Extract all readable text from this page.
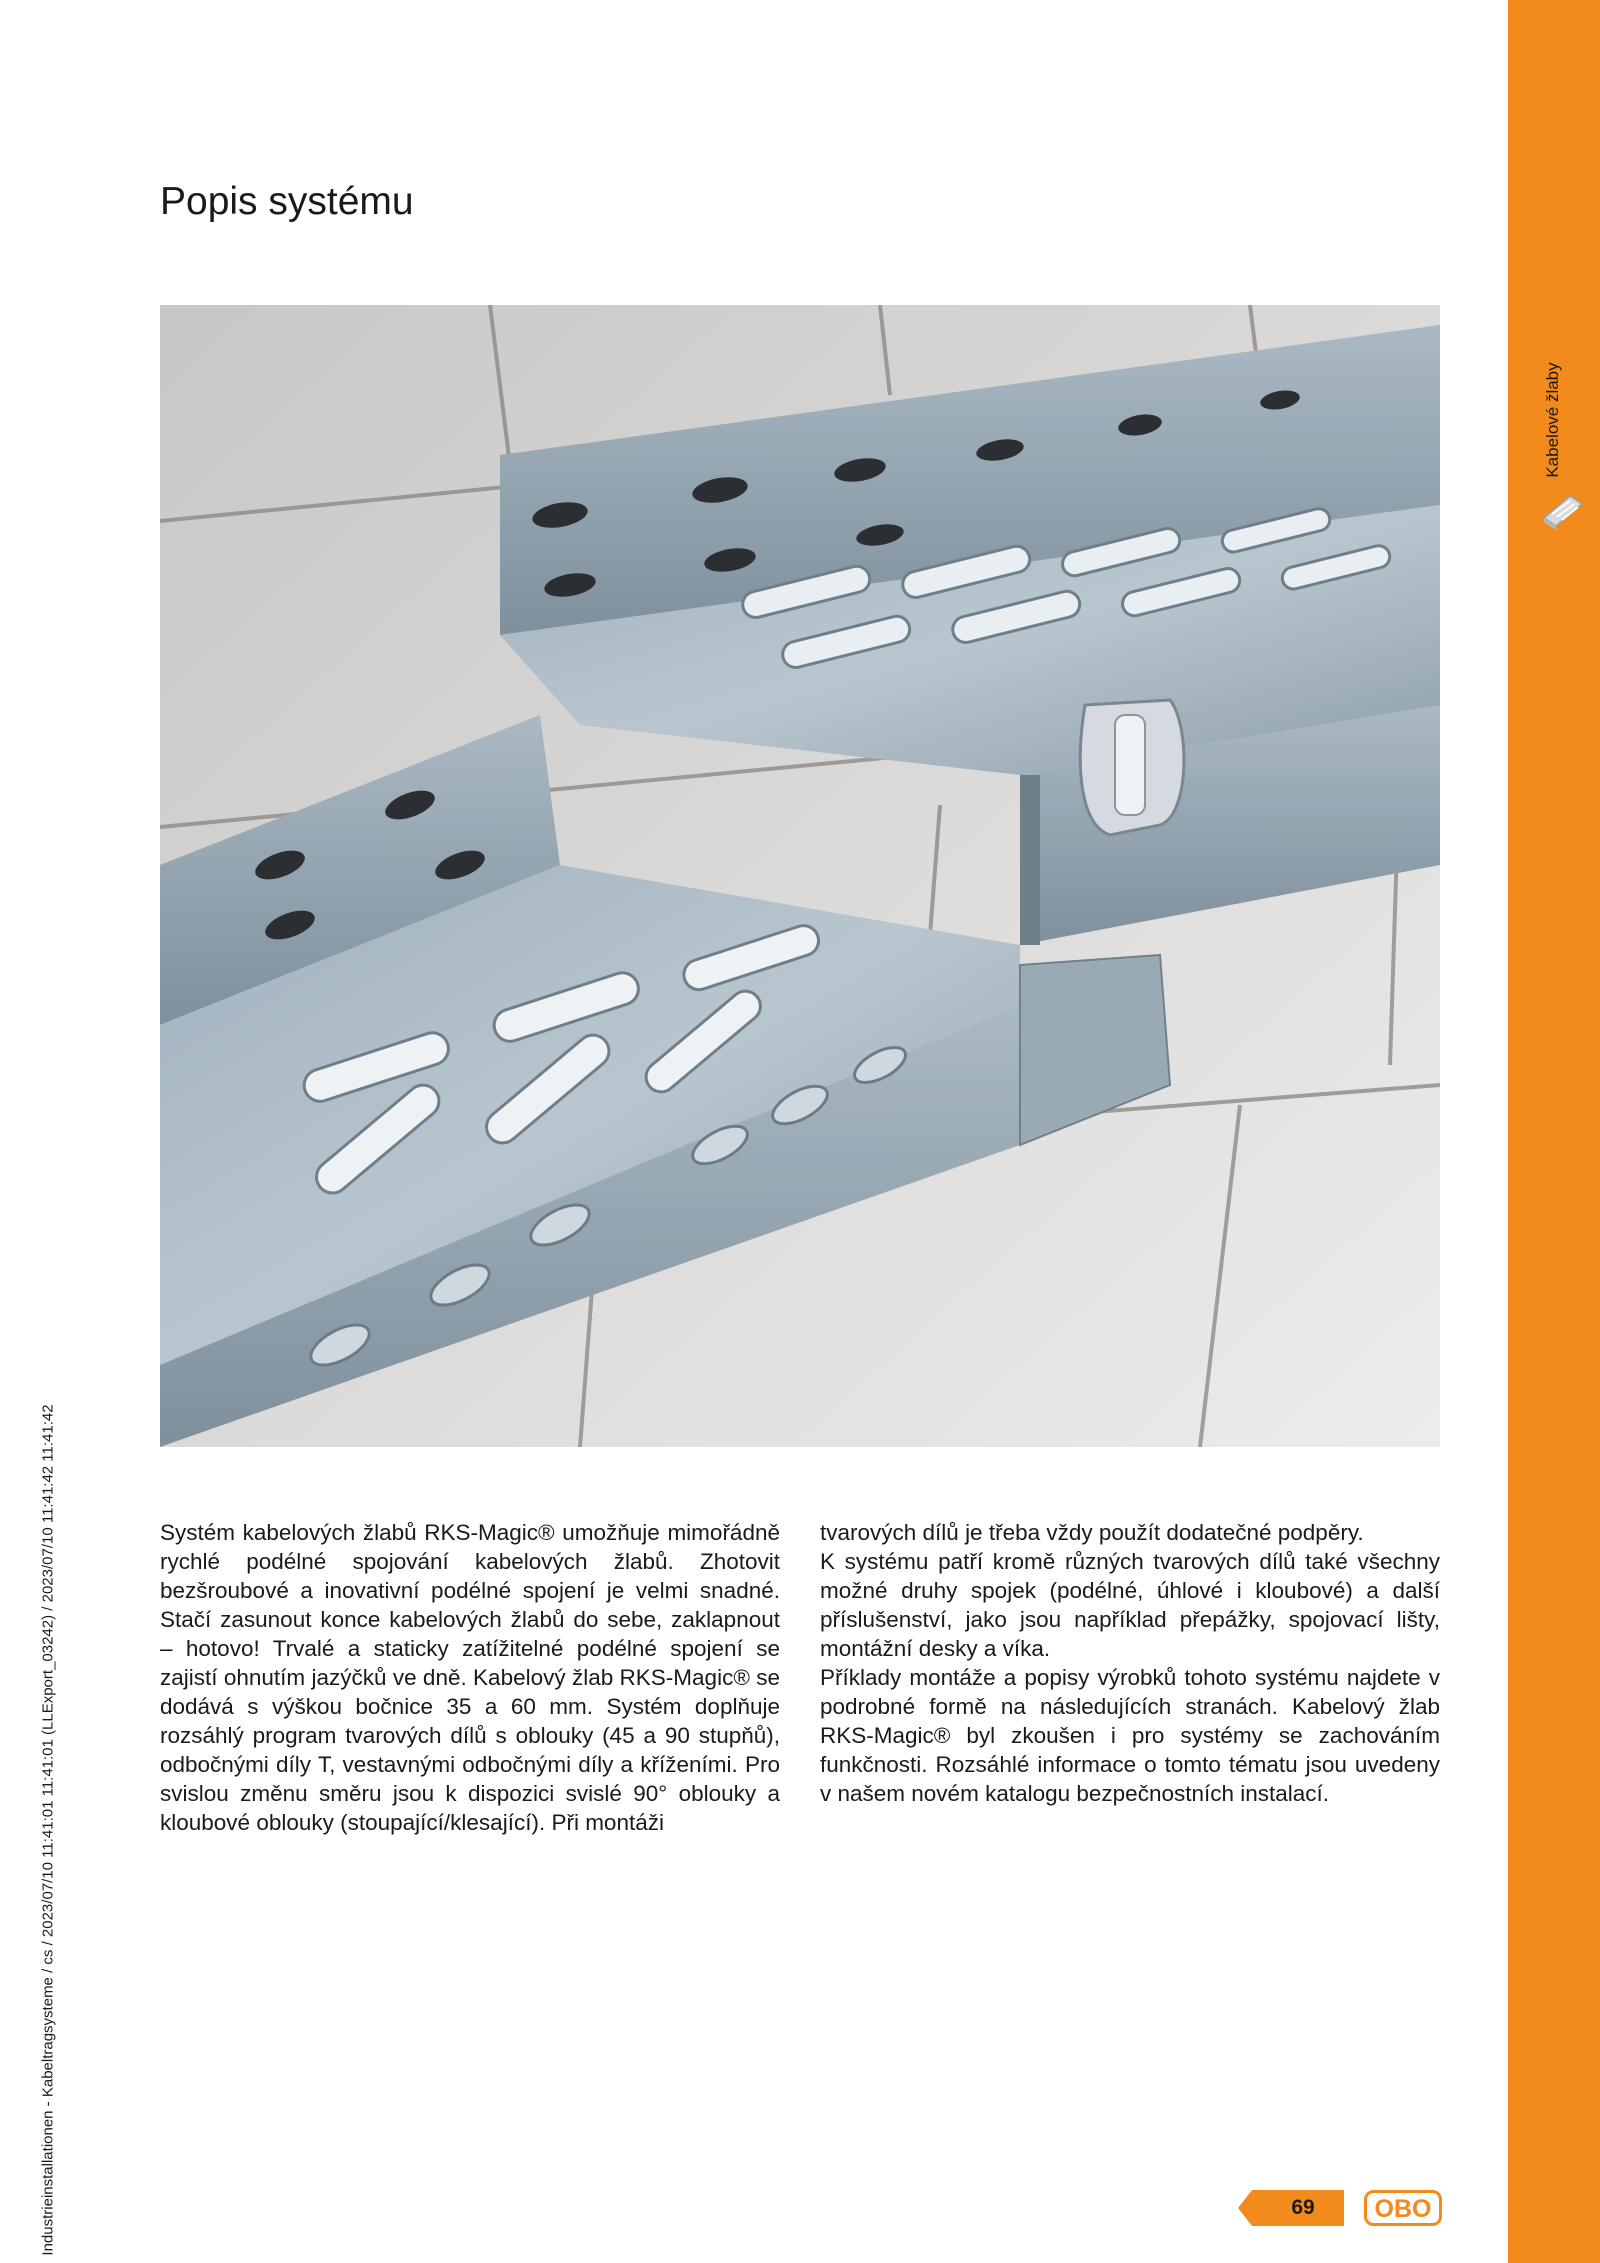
Kabelové žlaby
Popis systému

Systém kabelových žlabů RKS-Magic® umožňuje mimořádně rychlé podélné spojování kabelových žlabů. Zhotovit bezšroubové a inovativní podélné spojení je velmi snadné. Stačí zasunout konce kabelových žlabů do sebe, zaklapnout – hotovo! Trvalé a staticky zatížitelné podélné spojení se zajistí ohnutím jazýčků ve dně. Kabelový žlab RKS-Magic® se dodává s výškou bočnice 35 a 60 mm. Systém doplňuje rozsáhlý program tvarových dílů s oblouky (45 a 90 stupňů), odbočnými díly T, vestavnými odbočnými díly a kříženími. Pro svislou změnu směru jsou k dispozici svislé 90° oblouky a kloubové oblouky (stoupající/klesající). Při montáži

tvarových dílů je třeba vždy použít dodatečné podpěry.
K systému patří kromě různých tvarových dílů také všechny možné druhy spojek (podélné, úhlové i kloubové) a další příslušenství, jako jsou například přepážky, spojovací lišty, montážní desky a víka.
Příklady montáže a popisy výrobků tohoto systému najdete v podrobné formě na následujících stranách. Kabelový žlab RKS-Magic® byl zkoušen i pro systémy se zachováním funkčnosti. Rozsáhlé informace o tomto tématu jsou uvedeny v našem novém katalogu bezpečnostních instalací.
Industrieinstallationen - Kabeltragsysteme / cs / 2023/07/10 11:41:01 11:41:01 (LLExport_03242) / 2023/07/10 11:41:42 11:41:42	69	OBO
